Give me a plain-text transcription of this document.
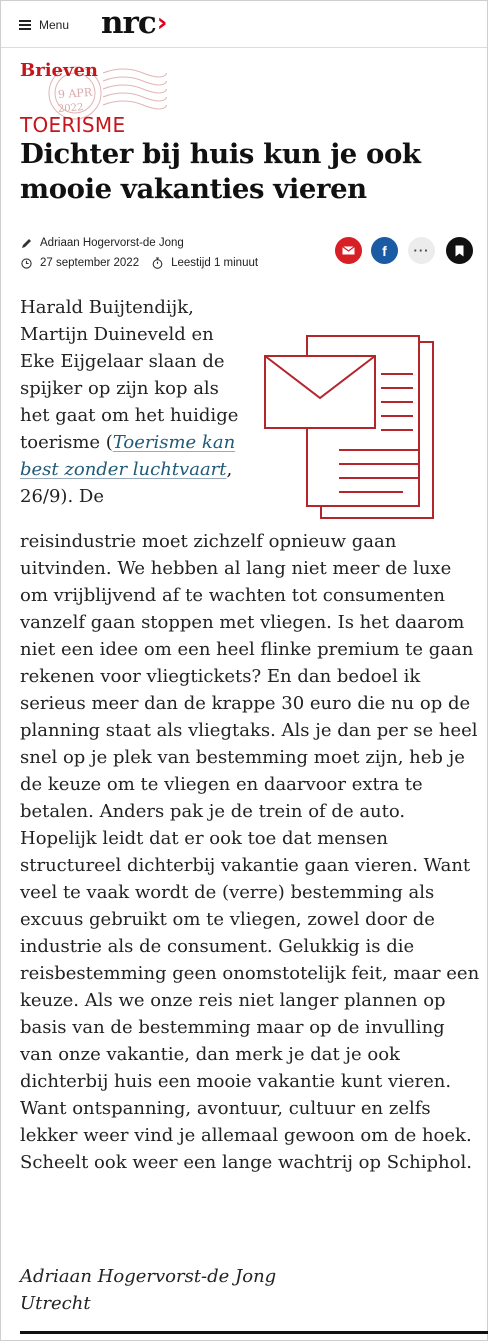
Menu nrc ›
9 APR
2022
Brieven
TOERISME
Dichter bij huis kun je ook mooie vakanties vieren
Adriaan Hogervorst-de Jong
27 september 2022	Leestijd 1 minuut
f ···

Harald Buijtendijk, Martijn Duineveld en Eke Eijgelaar slaan de spijker op zijn kop als het gaat om het huidige toerisme (Toerisme kan best zonder luchtvaart, 26/9). De

reisindustrie moet zichzelf opnieuw gaan uitvinden. We hebben al lang niet meer de luxe om vrijblijvend af te wachten tot consumenten vanzelf gaan stoppen met vliegen. Is het daarom niet een idee om een heel flinke premium te gaan rekenen voor vliegtickets? En dan bedoel ik serieus meer dan de krappe 30 euro die nu op de planning staat als vliegtaks. Als je dan per se heel snel op je plek van bestemming moet zijn, heb je de keuze om te vliegen en daarvoor extra te betalen. Anders pak je de trein of de auto. Hopelijk leidt dat er ook toe dat mensen structureel dichterbij vakantie gaan vieren. Want veel te vaak wordt de (verre) bestemming als excuus gebruikt om te vliegen, zowel door de industrie als de consument. Gelukkig is die reisbestemming geen onomstotelijk feit, maar een keuze. Als we onze reis niet langer plannen op basis van de bestemming maar op de invulling van onze vakantie, dan merk je dat je ook dichterbij huis een mooie vakantie kunt vieren. Want ontspanning, avontuur, cultuur en zelfs lekker weer vind je allemaal gewoon om de hoek. Scheelt ook weer een lange wachtrij op Schiphol.

Adriaan Hogervorst-de Jong
Utrecht
